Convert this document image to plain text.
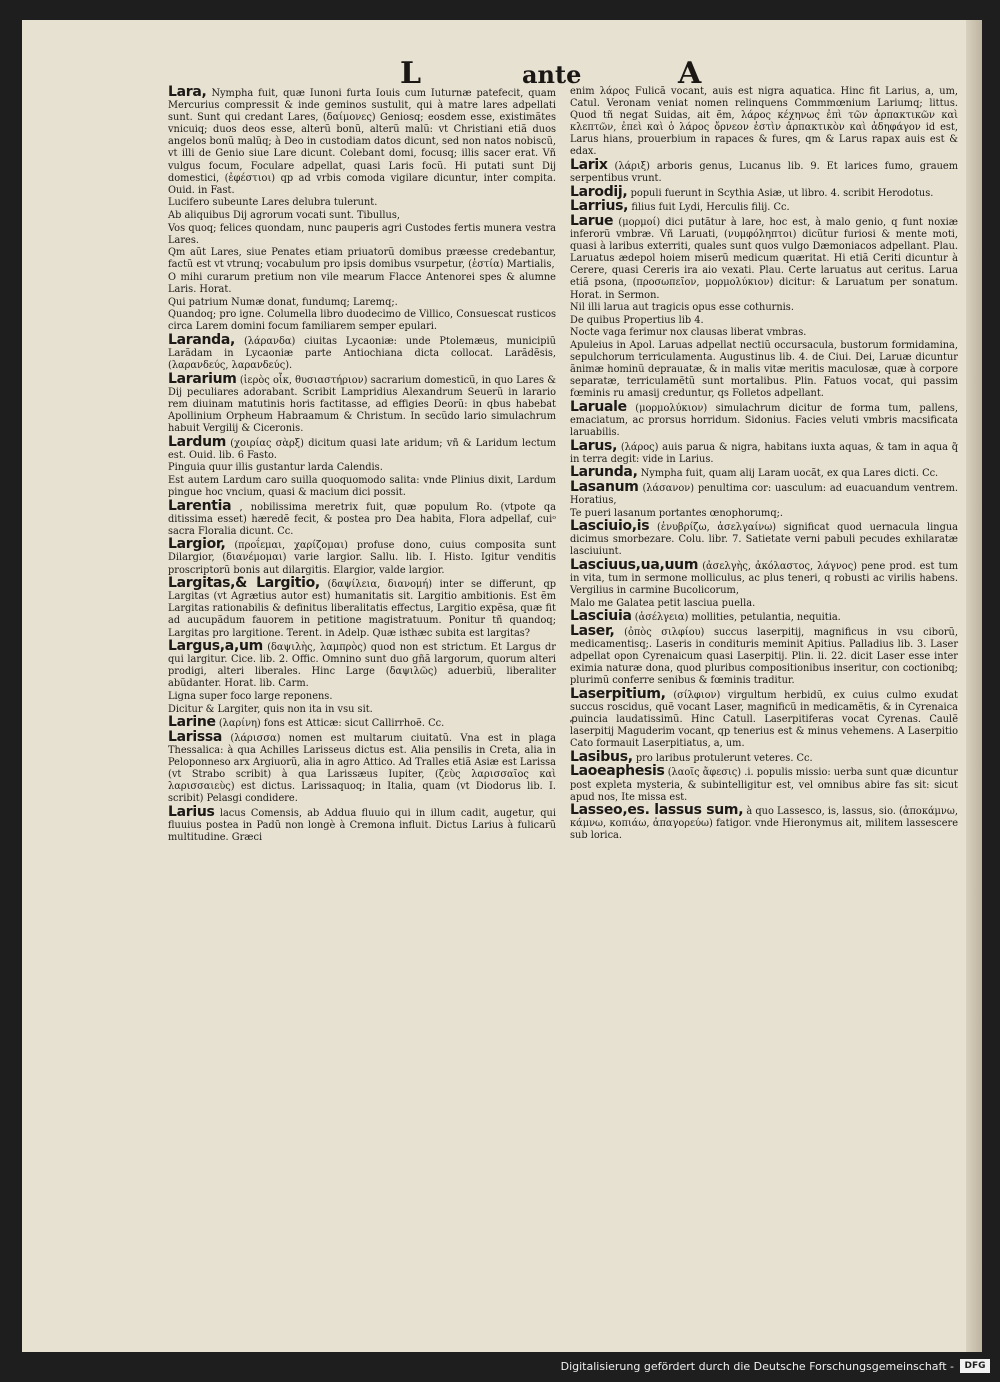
L	ante	A

Lara, Nympha fuit, quæ Iunoni furta Iouis cum Iuturnæ patefecit, quam Mercurius compressit & inde geminos sustulit, qui à matre lares adpellati sunt. Sunt qui credant Lares, (δαίμονες) Geniosq; eosdem esse, existimãtes vnicuiq; duos deos esse, alterũ bonũ, alterũ malũ: vt Christiani etiã duos angelos bonũ malũq; à Deo in custodiam datos dicunt, sed non natos nobiscũ, vt illi de Genio siue Lare dicunt. Colebant domi, focusq; illis sacer erat. Vñ vulgus focum, Foculare adpellat, quasi Laris focũ. Hi putati sunt Dij domestici, (ἐφέστιοι) qp ad vrbis comoda vigilare dicuntur, inter compita. Ouid. in Fast.

Lucifero subeunte Lares delubra tulerunt.

Ab aliquibus Dij agrorum vocati sunt. Tibullus,

Vos quoq; felices quondam, nunc pauperis agri Custodes fertis munera vestra Lares.

Qm aũt Lares, siue Penates etiam priuatorũ domibus præesse credebantur, factũ est vt vtrunq; vocabulum pro ipsis domibus vsurpetur, (ἑστία) Martialis,

O mihi curarum pretium non vile mearum Flacce Antenorei spes & alumne Laris. Horat.

Qui patrium Numæ donat, fundumq; Laremq;.

Quandoq; pro igne. Columella libro duodecimo de Villico, Consuescat rusticos circa Larem domini focum familiarem semper epulari.

Laranda, (λάρανδα) ciuitas Lycaoniæ: unde Ptolemæus, municipiũ Larãdam in Lycaoniæ parte Antiochiana dicta collocat. Larãdẽsis, (λαρανδεύς, λαρανδεύς).

Lararium (ἱερὸς οἶκ, θυσιαστήριον) sacrarium domesticũ, in quo Lares & Dij peculiares adorabant. Scribit Lampridius Alexandrum Seuerũ in larario rem diuinam matutinis horis factitasse, ad effigies Deorũ: in qbus habebat Apollinium Orpheum Habraamum & Christum. In secũdo lario simulachrum habuit Vergilij & Ciceronis.

Lardum (χοιρίας σὰρξ) dicitum quasi late aridum; vñ & Laridum lectum est. Ouid. lib. 6 Fasto.

Pinguia quur illis gustantur larda Calendis.

Est autem Lardum caro suilla quoquomodo salita: vnde Plinius dixit, Lardum pingue hoc vncium, quasi & macium dici possit.

Larentia , nobilissima meretrix fuit, quæ populum Ro. (vtpote qa ditissima esset) hæredẽ fecit, & postea pro Dea habita, Flora adpellaf, cuiᵒ sacra Floralia dicunt. Cc.

Largior, (προΐεμαι, χαρίζομαι) profuse dono, cuius composita sunt Dilargior, (διανέμομαι) varie largior. Sallu. lib. I. Histo. Igitur venditis proscriptorũ bonis aut dilargitis. Elargior, valde largior.

Largitas,& Largitio, (δαψίλεια, διανομή) inter se differunt, qp Largitas (vt Agrætius autor est) humanitatis sit. Largitio ambitionis. Est ẽm Largitas rationabilis & definitus liberalitatis effectus, Largitio expẽsa, quæ fit ad aucupãdum fauorem in petitione magistratuum. Ponitur tñ quandoq; Largitas pro largitione. Terent. in Adelp. Quæ isthæc subita est largitas?

Largus,a,um (δαψιλὴς, λαμπρὸς) quod non est strictum. Et Largus dr qui largitur. Cice. lib. 2. Offic. Omnino sunt duo gñã largorum, quorum alteri prodigi, alteri liberales. Hinc Large (δαψιλῶς) aduerbiũ, liberaliter abũdanter. Horat. lib. Carm.

Ligna super foco large reponens.

Dicitur & Largiter, quis non ita in vsu sit.

Larine (λαρίνη) fons est Atticæ: sicut Callirrhoẽ. Cc.

Larissa (λάρισσα) nomen est multarum ciuitatũ. Vna est in plaga Thessalica: à qua Achilles Larisseus dictus est. Alia pensilis in Creta, alia in Peloponneso arx Argiuorũ, alia in agro Attico. Ad Tralles etiã Asiæ est Larissa (vt Strabo scribit) à qua Larissæus Iupiter, (ζεὺς λαρισσαῖος καὶ λαρισσαιεὺς) est dictus. Larissaquoq; in Italia, quam (vt Diodorus lib. I. scribit) Pelasgi condidere.

Larius lacus Comensis, ab Addua fluuio qui in illum cadit, augetur, qui fluuius postea in Padũ non longè à Cremona influit. Dictus Larius à fulicarũ multitudine. Græci

enim λάρος Fulicã vocant, auis est nigra aquatica. Hinc fit Larius, a, um, Catul. Veronam veniat nomen relinquens Commmœnium Lariumq; littus. Quod tñ negat Suidas, ait ẽm, λάρος κέχηνως ἐπὶ τῶν ἁρπακτικῶν καὶ κλεπτῶν, ἐπεὶ καὶ ὁ λάρος ὄρνεον ἐστὶν ἁρπακτικὸν καὶ ἀδηφάγον id est, Larus hians, prouerbium in rapaces & fures, qm & Larus rapax auis est & edax.

Larix (λάριξ) arboris genus, Lucanus lib. 9. Et larices fumo, grauem serpentibus vrunt.

Larodij, populi fuerunt in Scythia Asiæ, ut libro. 4. scribit Herodotus.

Larrius, filius fuit Lydi, Herculis filij. Cc.

Larue (μορμοί) dici putãtur à lare, hoc est, à malo genio, q funt noxiæ inferorũ vmbræ. Vñ Laruati, (νυμφόληπτοι) dicũtur furiosi & mente moti, quasi à laribus exterriti, quales sunt quos vulgo Dæmoniacos adpellant. Plau. Laruatus ædepol hoiem miserũ medicum quæritat. Hi etiã Ceriti dicuntur à Cerere, quasi Cereris ira aio vexati. Plau. Certe laruatus aut ceritus. Larua etiã psona, (προσωπεῖον, μορμολύκιον) dicitur: & Laruatum per sonatum. Horat. in Sermon.

Nil illi larua aut tragicis opus esse cothurnis.

De quibus Propertius lib 4.

Nocte vaga ferimur nox clausas liberat vmbras.

Apuleius in Apol. Laruas adpellat nectiũ occursacula, bustorum formidamina, sepulchorum terriculamenta. Augustinus lib. 4. de Ciui. Dei, Laruæ dicuntur ãnimæ hominũ deprauatæ, & in malis vitæ meritis maculosæ, quæ à corpore separatæ, terriculamẽtũ sunt mortalibus. Plin. Fatuos vocat, qui passim fœminis ru amasij creduntur, qs Folletos adpellant.

Laruale (μορμολύκιον) simulachrum dicitur de forma tum, pallens, emaciatum, ac prorsus horridum. Sidonius. Facies veluti vmbris macsificata laruabilis.

Larus, (λάρος) auis parua & nigra, habitans iuxta aquas, & tam in aqua q̃ in terra degit: vide in Larius.

Larunda, Nympha fuit, quam alij Laram uocãt, ex qua Lares dicti. Cc.

Lasanum (λάσανον) penultima cor: uasculum: ad euacuandum ventrem. Horatius,

Te pueri lasanum portantes œnophorumq;.

Lasciuio,is (ἐνυβρίζω, ἀσελγαίνω) significat quod uernacula lingua dicimus smorbezare. Colu. libr. 7. Satietate verni pabuli pecudes exhilaratæ lasciuiunt.

Lasciuus,ua,uum (ἀσελγὴς, ἀκόλαστος, λάγνος) pene prod. est tum in vita, tum in sermone molliculus, ac plus teneri, q robusti ac virilis habens. Vergilius in carmine Bucolicorum,

Malo me Galatea petit lasciua puella.

Lasciuia (ἀσέλγεια) mollities, petulantia, nequitia.

Laser, (ὀπὸς σιλφίου) succus laserpitij, magnificus in vsu ciborũ, medicamentisq;. Laseris in condituris meminit Apitius. Palladius lib. 3. Laser adpellat opon Cyrenaicum quasi Laserpitij. Plin. li. 22. dicit Laser esse inter eximia naturæ dona, quod pluribus compositionibus inseritur, con coctionibq; plurimũ conferre senibus & fœminis traditur.

Laserpitium, (σίλφιον) virgultum herbidũ, ex cuius culmo exudat succus roscidus, quẽ vocant Laser, magnificũ in medicamẽtis, & in Cyrenaica ꝓuincia laudatissimũ. Hinc Catull. Laserpitiferas vocat Cyrenas. Caulẽ laserpitij Maguderim vocant, qp tenerius est & minus vehemens. A Laserpitio Cato formauit Laserpitiatus, a, um.

Lasibus, pro laribus protulerunt veteres. Cc.

Laoeaphesis (λαοῖς ἄφεσις) .i. populis missio: uerba sunt quæ dicuntur post expleta mysteria, & subintelligitur est, vel omnibus abire fas sit: sicut apud nos, Ite missa est.

Lasseo,es. lassus sum, à quo Lassesco, is, lassus, sio. (ἀποκάμνω, κάμνω, κοπιάω, ἀπαγορεύω) fatigor. vnde Hieronymus ait, militem lassescere sub lorica.

Digitalisierung gefördert durch die Deutsche Forschungsgemeinschaft -	DFG
